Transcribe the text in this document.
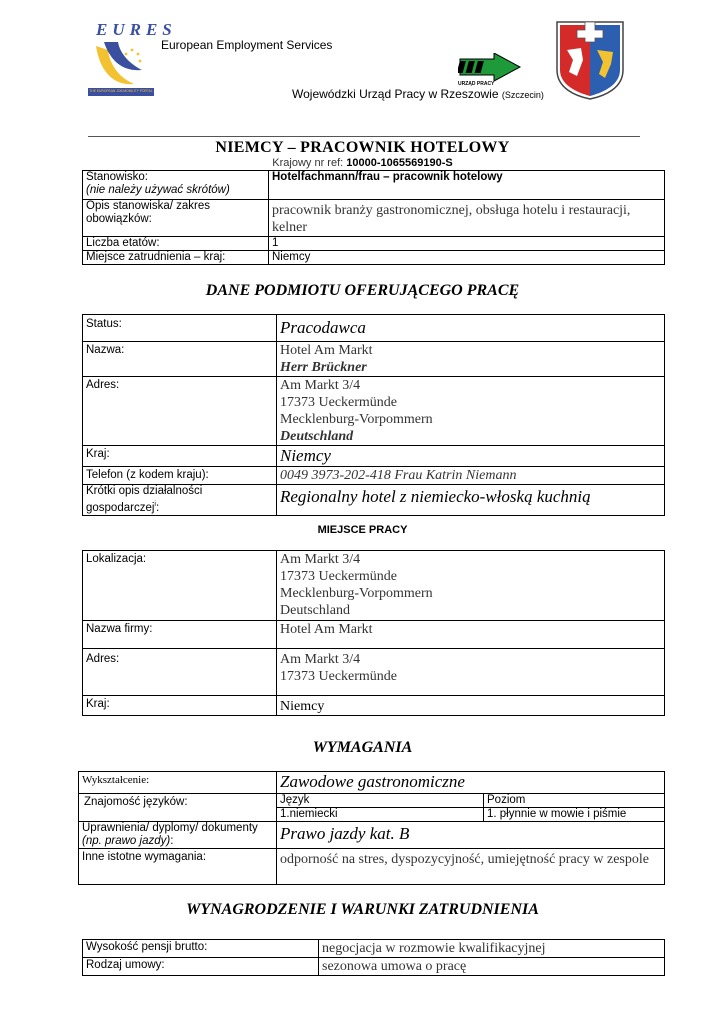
EURES
THE EUROPEAN JOB MOBILITY PORTAL
European Employment Services
URZĄD PRACY
Wojewódzki Urząd Pracy w Rzeszowie (Szczecin)
NIEMCY – PRACOWNIK HOTELOWY
Krajowy nr ref: 10000-1065569190-S
Stanowisko:
(nie należy używać skrótów)	Hotelfachmann/frau – pracownik hotelowy
Opis stanowiska/ zakres obowiązków:	pracownik branży gastronomicznej, obsługa hotelu i restauracji, kelner
Liczba etatów:	1
Miejsce zatrudnienia – kraj:	Niemcy
DANE PODMIOTU OFERUJĄCEGO PRACĘ
Status:	Pracodawca
Nazwa:	Hotel Am Markt
Herr Brückner

Adres:	Am Markt 3/4
17373 Ueckermünde
Mecklenburg-Vorpommern
Deutschland

Kraj:	Niemcy
Telefon (z kodem kraju):	0049 3973-202-418 Frau Katrin Niemann
Krótki opis działalności gospodarczej$^i$:	Regionalny hotel z niemiecko-włoską kuchnią
MIEJSCE PRACY
Lokalizacja:	Am Markt 3/4
17373 Ueckermünde
Mecklenburg-Vorpommern
Deutschland

Nazwa firmy:	Hotel Am Markt
Adres:	Am Markt 3/4
17373 Ueckermünde

Kraj:	Niemcy
WYMAGANIA
Wykształcenie:	Zawodowe gastronomiczne	
Znajomość języków:	Język	Poziom
	1.niemiecki	1. płynnie w mowie i piśmie

Uprawnienia/ dyplomy/ dokumenty
(np. prawo jazdy):	Prawo jazdy kat. B	
Inne istotne wymagania:	odporność na stres, dyspozycyjność, umiejętność pracy w zespole	
WYNAGRODZENIE I WARUNKI ZATRUDNIENIA
Wysokość pensji brutto:	negocjacja w rozmowie kwalifikacyjnej
Rodzaj umowy:	sezonowa umowa o pracę
